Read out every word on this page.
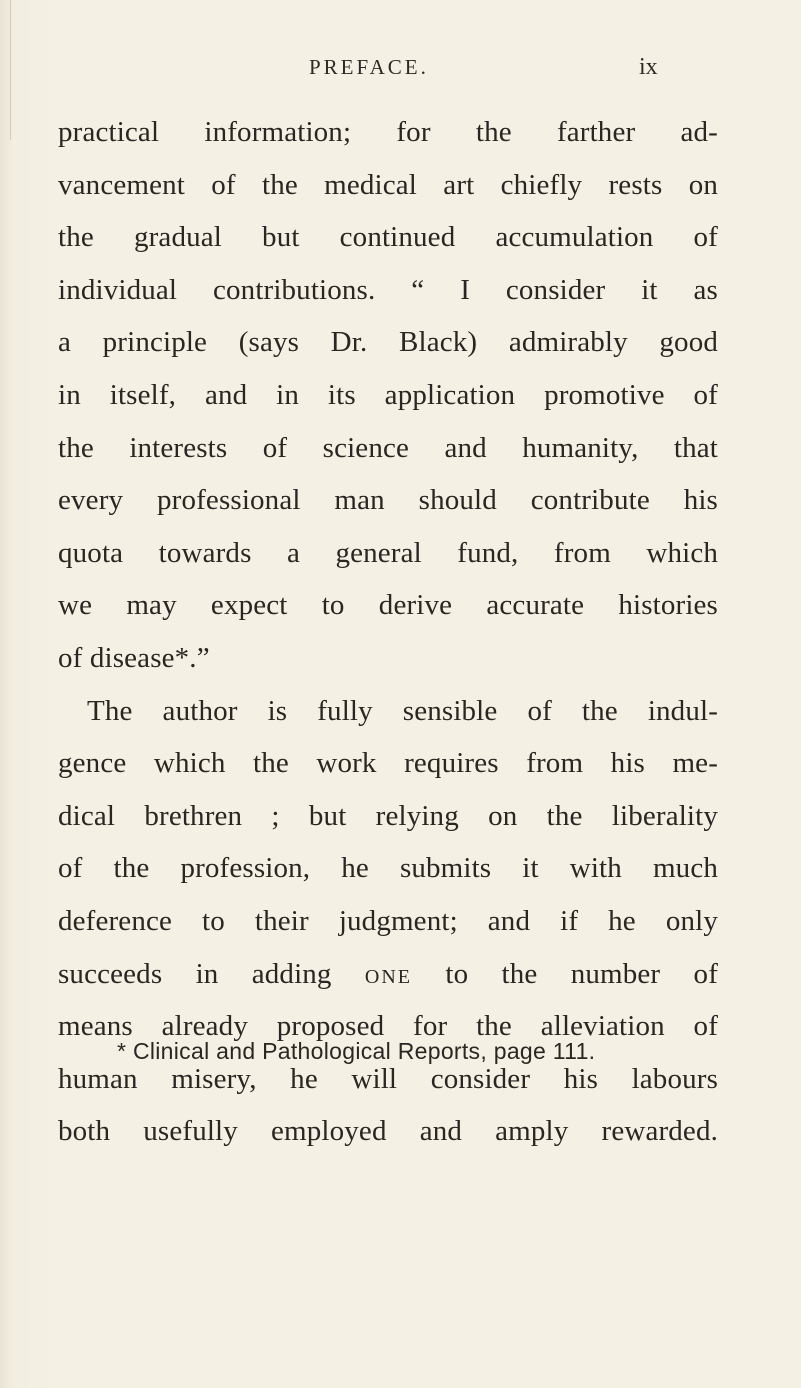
PREFACE.	ix
practical information; for the farther ad-
vancement of the medical art chiefly rests on
the gradual but continued accumulation of
individual contributions. “ I consider it as
a principle (says Dr. Black) admirably good
in itself, and in its application promotive of
the interests of science and humanity, that
every professional man should contribute his
quota towards a general fund, from which
we may expect to derive accurate histories
of disease*.”
The author is fully sensible of the indul-
gence which the work requires from his me-
dical brethren ; but relying on the liberality
of the profession, he submits it with much
deference to their judgment; and if he only
succeeds in adding one to the number of
means already proposed for the alleviation of
human misery, he will consider his labours
both usefully employed and amply rewarded.
* Clinical and Pathological Reports, page 111.
